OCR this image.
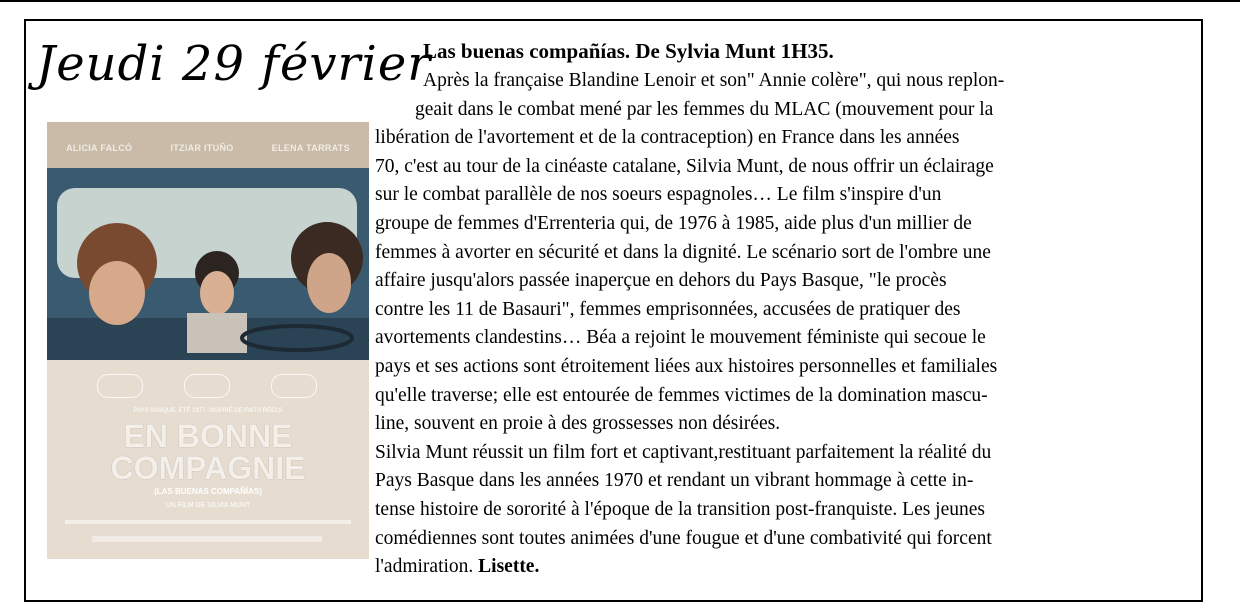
Jeudi 29 février
ALICIA FALCÓ	ITZIAR ITUÑO	ELENA TARRATS
PAYS BASQUE, ÉTÉ 1977. INSPIRÉ DE FAITS RÉELS
EN BONNE
COMPAGNIE
(LAS BUENAS COMPAÑÍAS)
UN FILM DE SILVIA MUNT
Las buenas compañías. De Sylvia Munt 1H35.
Après la française Blandine Lenoir et son" Annie colère", qui nous replon-
geait dans le combat mené par les femmes du MLAC (mouvement pour la
libération de l'avortement et de la contraception) en France dans les années
70, c'est au tour de la cinéaste catalane, Silvia Munt, de nous offrir un éclairage
sur le combat parallèle de nos soeurs espagnoles… Le film s'inspire d'un
groupe de femmes d'Errenteria qui, de 1976 à 1985, aide plus d'un millier de
femmes à avorter en sécurité et dans la dignité. Le scénario sort de l'ombre une
affaire jusqu'alors passée inaperçue en dehors du Pays Basque, "le procès
contre les 11 de Basauri", femmes emprisonnées, accusées de pratiquer des
avortements clandestins… Béa a rejoint le mouvement féministe qui secoue le
pays et ses actions sont étroitement liées aux histoires personnelles et familiales
qu'elle traverse; elle est entourée de femmes victimes de la domination mascu-
line, souvent en proie à des grossesses non désirées.
Silvia Munt réussit un film fort et captivant,restituant parfaitement la réalité du
Pays Basque dans les années 1970 et rendant un vibrant hommage à cette in-
tense histoire de sororité à l'époque de la transition post-franquiste. Les jeunes
comédiennes sont toutes animées d'une fougue et d'une combativité qui forcent
l'admiration. Lisette.
